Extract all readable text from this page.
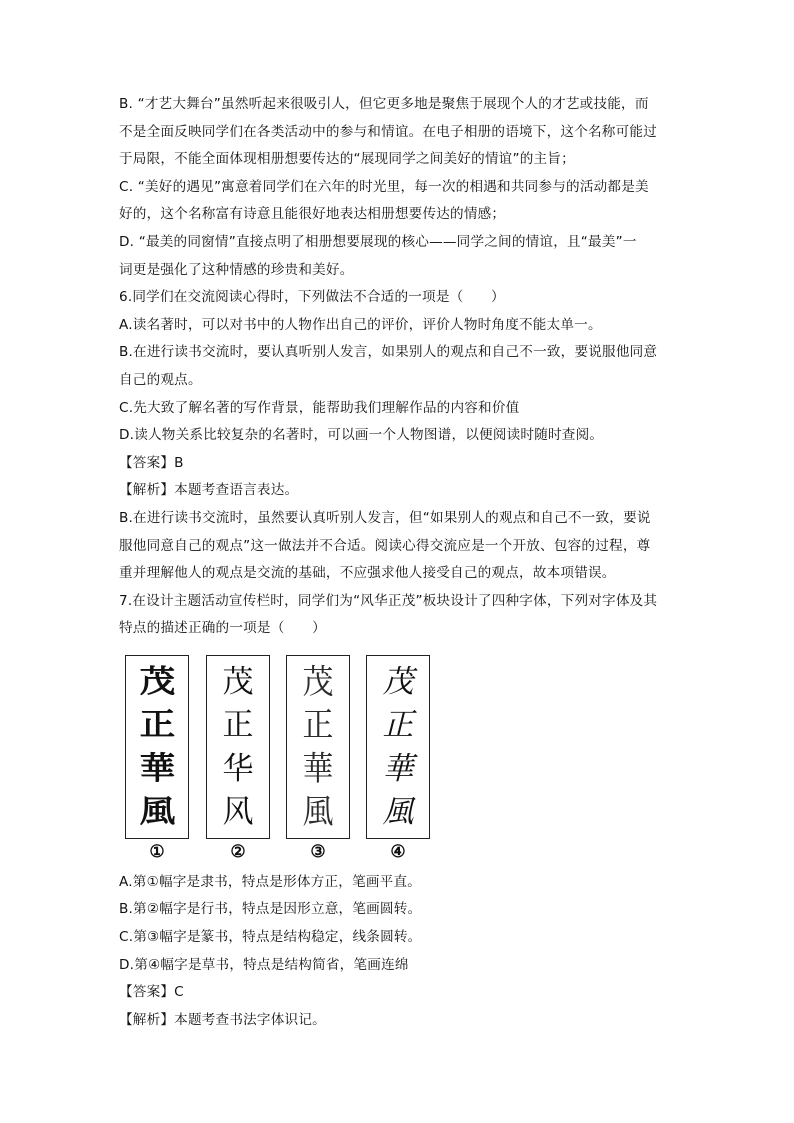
B. “才艺大舞台”虽然听起来很吸引人，但它更多地是聚焦于展现个人的才艺或技能，而
不是全面反映同学们在各类活动中的参与和情谊。在电子相册的语境下，这个名称可能过
于局限，不能全面体现相册想要传达的“展现同学之间美好的情谊”的主旨；
C. “美好的遇见”寓意着同学们在六年的时光里，每一次的相遇和共同参与的活动都是美
好的，这个名称富有诗意且能很好地表达相册想要传达的情感；
D. “最美的同窗情”直接点明了相册想要展现的核心——同学之间的情谊，且“最美”一
词更是强化了这种情感的珍贵和美好。
6.同学们在交流阅读心得时，下列做法不合适的一项是（　　）
A.读名著时，可以对书中的人物作出自己的评价，评价人物时角度不能太单一。
B.在进行读书交流时，要认真听别人发言，如果别人的观点和自己不一致，要说服他同意
自己的观点。
C.先大致了解名著的写作背景，能帮助我们理解作品的内容和价值
D.读人物关系比较复杂的名著时，可以画一个人物图谱，以便阅读时随时查阅。
【答案】B
【解析】本题考查语言表达。
B.在进行读书交流时，虽然要认真听别人发言，但“如果别人的观点和自己不一致，要说
服他同意自己的观点”这一做法并不合适。阅读心得交流应是一个开放、包容的过程，尊
重并理解他人的观点是交流的基础，不应强求他人接受自己的观点，故本项错误。
7.在设计主题活动宣传栏时，同学们为“风华正茂”板块设计了四种字体，下列对字体及其
特点的描述正确的一项是（　　）
茂
正
華
風
①
茂
正
华
风
②
茂
正
華
風
③
茂
正
華
風
④
A.第①幅字是隶书，特点是形体方正，笔画平直。
B.第②幅字是行书，特点是因形立意，笔画圆转。
C.第③幅字是篆书，特点是结构稳定，线条圆转。
D.第④幅字是草书，特点是结构简省，笔画连绵
【答案】C
【解析】本题考查书法字体识记。
